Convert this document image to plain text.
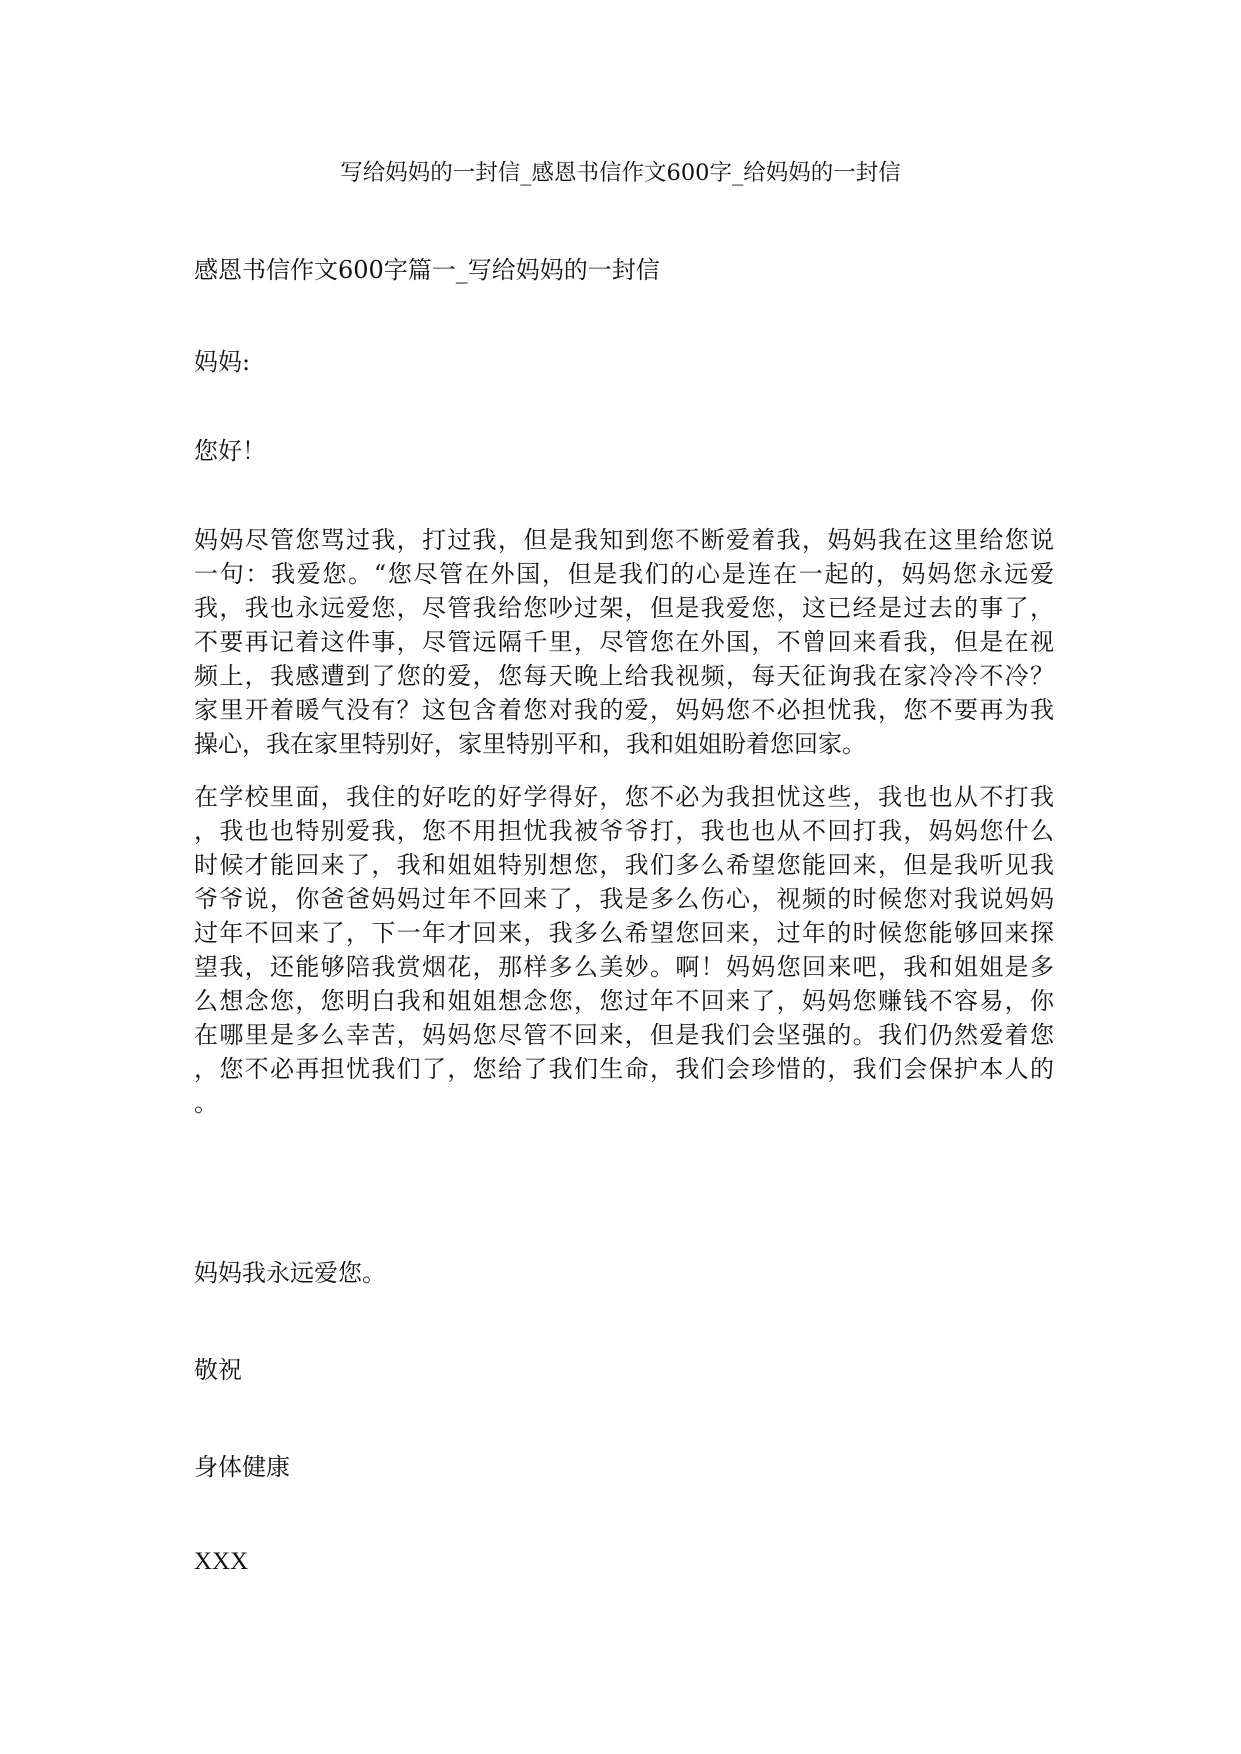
写给妈妈的一封信_感恩书信作文600字_给妈妈的一封信

感恩书信作文600字篇一_写给妈妈的一封信

妈妈:

您好！

妈妈尽管您骂过我，打过我，但是我知到您不断爱着我，妈妈我在这里给您说
一句：我爱您。“您尽管在外国，但是我们的心是连在一起的，妈妈您永远爱
我，我也永远爱您，尽管我给您吵过架，但是我爱您，这已经是过去的事了，
不要再记着这件事，尽管远隔千里，尽管您在外国，不曾回来看我，但是在视
频上，我感遭到了您的爱，您每天晚上给我视频，每天征询我在家冷冷不冷？
家里开着暖气没有？这包含着您对我的爱，妈妈您不必担忧我，您不要再为我
操心，我在家里特别好，家里特别平和，我和姐姐盼着您回家。
在学校里面，我住的好吃的好学得好，您不必为我担忧这些，我也也从不打我
，我也也特别爱我，您不用担忧我被爷爷打，我也也从不回打我，妈妈您什么
时候才能回来了，我和姐姐特别想您，我们多么希望您能回来，但是我听见我
爷爷说，你爸爸妈妈过年不回来了，我是多么伤心，视频的时候您对我说妈妈
过年不回来了，下一年才回来，我多么希望您回来，过年的时候您能够回来探
望我，还能够陪我赏烟花，那样多么美妙。啊！妈妈您回来吧，我和姐姐是多
么想念您，您明白我和姐姐想念您，您过年不回来了，妈妈您赚钱不容易，你
在哪里是多么幸苦，妈妈您尽管不回来，但是我们会坚强的。我们仍然爱着您
，您不必再担忧我们了，您给了我们生命，我们会珍惜的，我们会保护本人的
。

妈妈我永远爱您。

敬祝

身体健康

XXX
